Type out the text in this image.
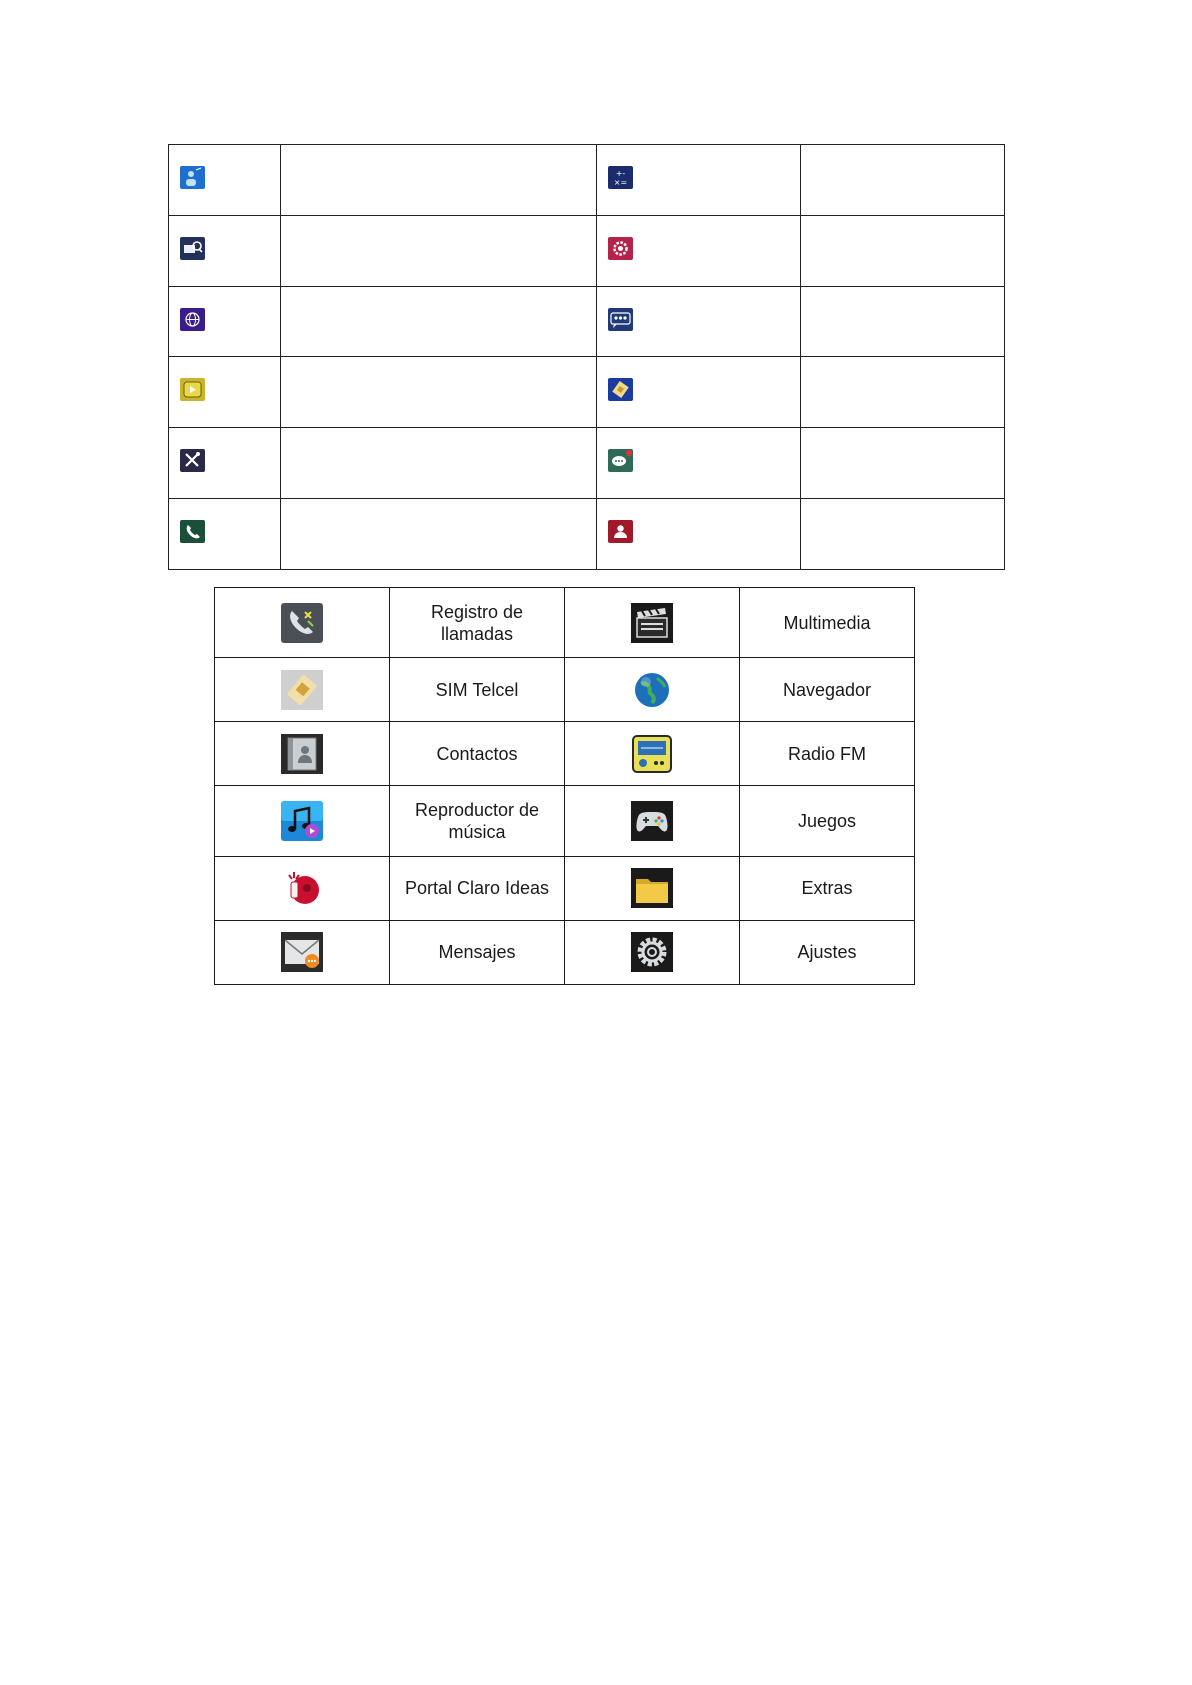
+-
×=	

	Registro de llamadas		Multimedia

	SIM Telcel		Navegador

	Contactos		Radio FM

	Reproductor de música		Juegos

	Portal Claro Ideas		Extras

	Mensajes		Ajustes
